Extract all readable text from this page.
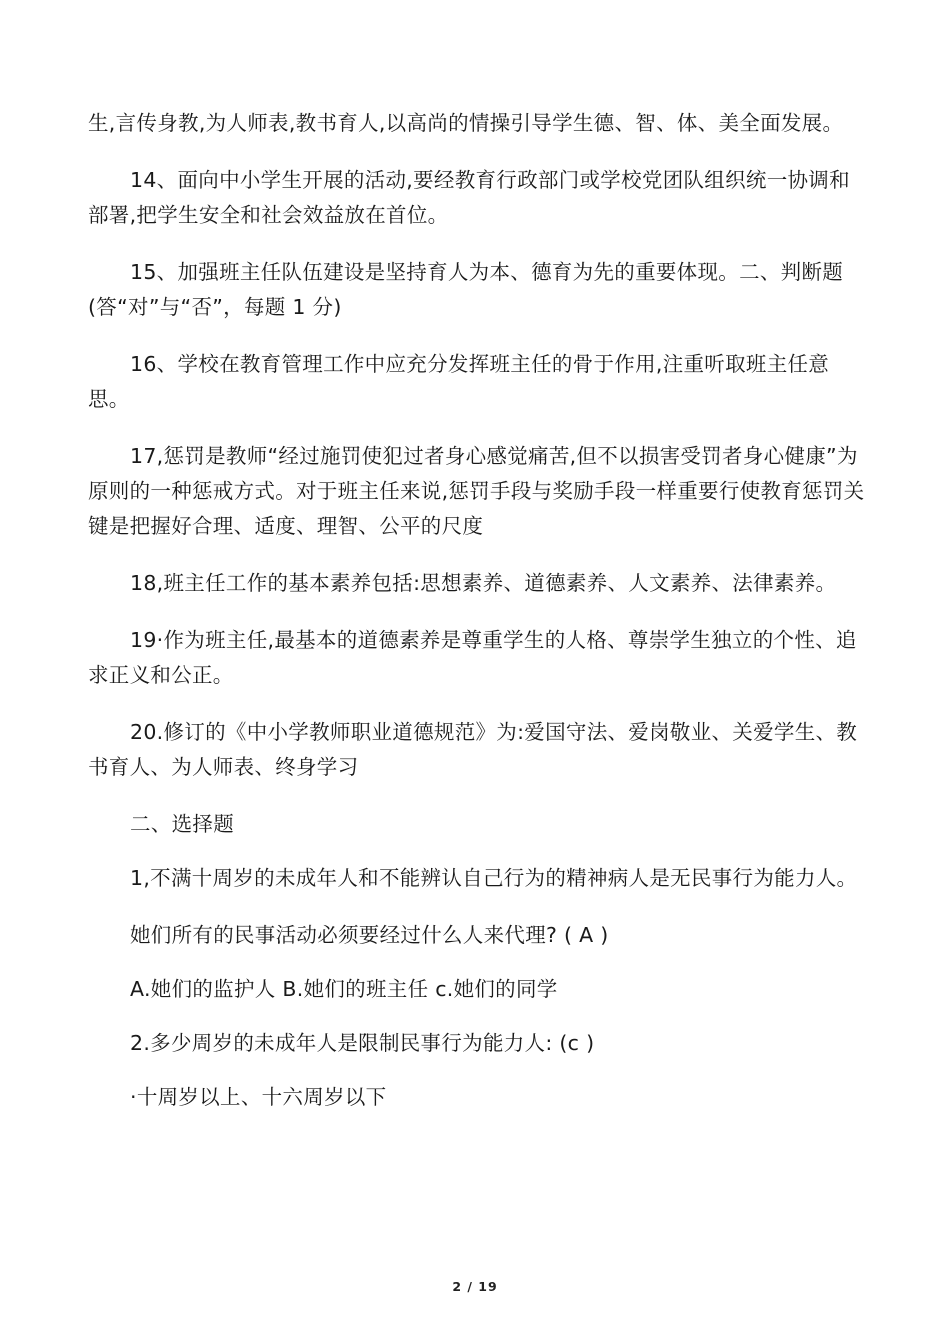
生,言传身教,为人师表,教书育人,以高尚的情操引导学生德、智、体、美全面发展。

14、面向中小学生开展的活动,要经教育行政部门或学校党团队组织统一协调和部署,把学生安全和社会效益放在首位。

15、加强班主任队伍建设是坚持育人为本、德育为先的重要体现。二、判断题(答“对”与“否”，每题 1 分)

16、学校在教育管理工作中应充分发挥班主任的骨于作用,注重听取班主任意思。

17,惩罚是教师“经过施罚使犯过者身心感觉痛苦,但不以损害受罚者身心健康”为原则的一种惩戒方式。对于班主任来说,惩罚手段与奖励手段一样重要行使教育惩罚关键是把握好合理、适度、理智、公平的尺度

18,班主任工作的基本素养包括:思想素养、道德素养、人文素养、法律素养。

19·作为班主任,最基本的道德素养是尊重学生的人格、尊崇学生独立的个性、追求正义和公正。

20.修订的《中小学教师职业道德规范》为:爱国守法、爱岗敬业、关爱学生、教书育人、为人师表、终身学习

二、选择题

1,不满十周岁的未成年人和不能辨认自己行为的精神病人是无民事行为能力人。

她们所有的民事活动必须要经过什么人来代理? ( A )

A.她们的监护人 B.她们的班主任 c.她们的同学

2.多少周岁的未成年人是限制民事行为能力人: (c )

·十周岁以上、十六周岁以下

2 / 19
